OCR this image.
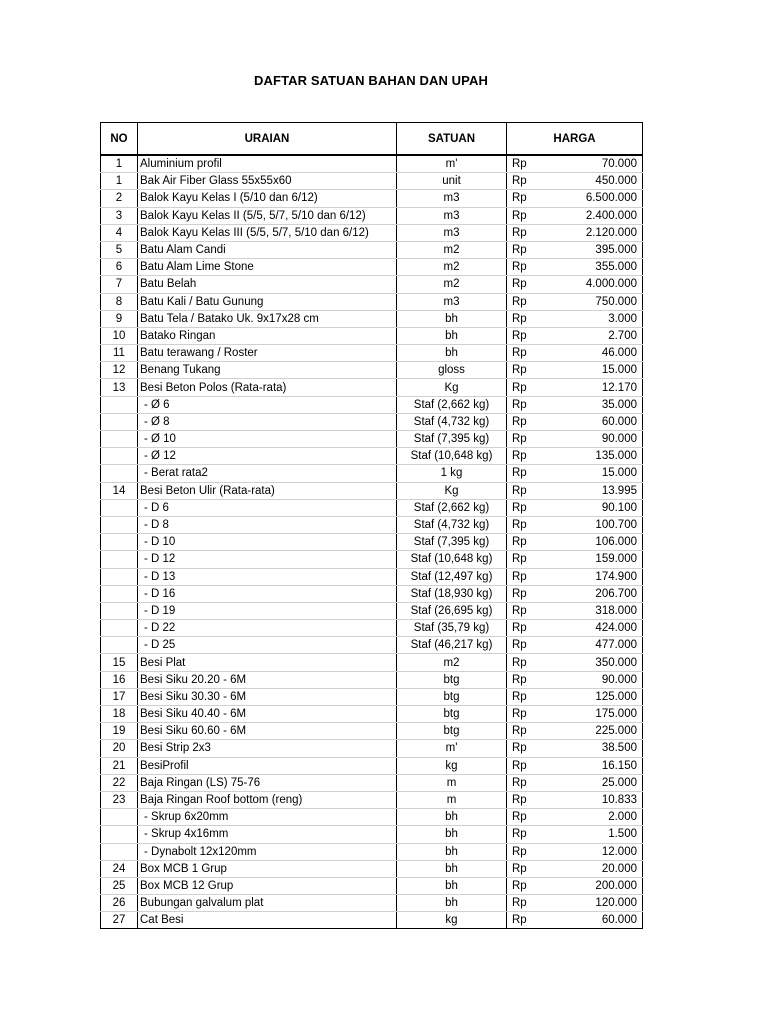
DAFTAR SATUAN BAHAN DAN UPAH
NO	URAIAN	SATUAN	HARGA	
1	Aluminium profil	m'	Rp	70.000
1	Bak Air Fiber Glass 55x55x60	unit	Rp	450.000
2	Balok Kayu Kelas I (5/10 dan 6/12)	m3	Rp	6.500.000
3	Balok Kayu Kelas II (5/5, 5/7, 5/10 dan 6/12)	m3	Rp	2.400.000
4	Balok Kayu Kelas III (5/5, 5/7, 5/10 dan 6/12)	m3	Rp	2.120.000
5	Batu Alam Candi	m2	Rp	395.000
6	Batu Alam Lime Stone	m2	Rp	355.000
7	Batu Belah	m2	Rp	4.000.000
8	Batu Kali / Batu Gunung	m3	Rp	750.000
9	Batu Tela / Batako Uk. 9x17x28 cm	bh	Rp	3.000
10	Batako Ringan	bh	Rp	2.700
11	Batu terawang / Roster	bh	Rp	46.000
12	Benang Tukang	gloss	Rp	15.000
13	Besi Beton Polos (Rata-rata)	Kg	Rp	12.170
	- Ø 6	Staf (2,662 kg)	Rp	35.000
	- Ø 8	Staf (4,732 kg)	Rp	60.000
	- Ø 10	Staf (7,395 kg)	Rp	90.000
	- Ø 12	Staf (10,648 kg)	Rp	135.000
	- Berat rata2	1 kg	Rp	15.000
14	Besi Beton Ulir (Rata-rata)	Kg	Rp	13.995
	- D 6	Staf (2,662 kg)	Rp	90.100
	- D 8	Staf (4,732 kg)	Rp	100.700
	- D 10	Staf (7,395 kg)	Rp	106.000
	- D 12	Staf (10,648 kg)	Rp	159.000
	- D 13	Staf (12,497 kg)	Rp	174.900
	- D 16	Staf (18,930 kg)	Rp	206.700
	- D 19	Staf (26,695 kg)	Rp	318.000
	- D 22	Staf (35,79 kg)	Rp	424.000
	- D 25	Staf (46,217 kg)	Rp	477.000
15	Besi Plat	m2	Rp	350.000
16	Besi Siku 20.20 - 6M	btg	Rp	90.000
17	Besi Siku 30.30 - 6M	btg	Rp	125.000
18	Besi Siku 40.40 - 6M	btg	Rp	175.000
19	Besi Siku 60.60 - 6M	btg	Rp	225.000
20	Besi Strip 2x3	m'	Rp	38.500
21	BesiProfil	kg	Rp	16.150
22	Baja Ringan (LS) 75-76	m	Rp	25.000
23	Baja Ringan Roof bottom (reng)	m	Rp	10.833
	- Skrup 6x20mm	bh	Rp	2.000
	- Skrup 4x16mm	bh	Rp	1.500
	- Dynabolt 12x120mm	bh	Rp	12.000
24	Box MCB 1 Grup	bh	Rp	20.000
25	Box MCB 12 Grup	bh	Rp	200.000
26	Bubungan galvalum plat	bh	Rp	120.000
27	Cat Besi	kg	Rp	60.000
